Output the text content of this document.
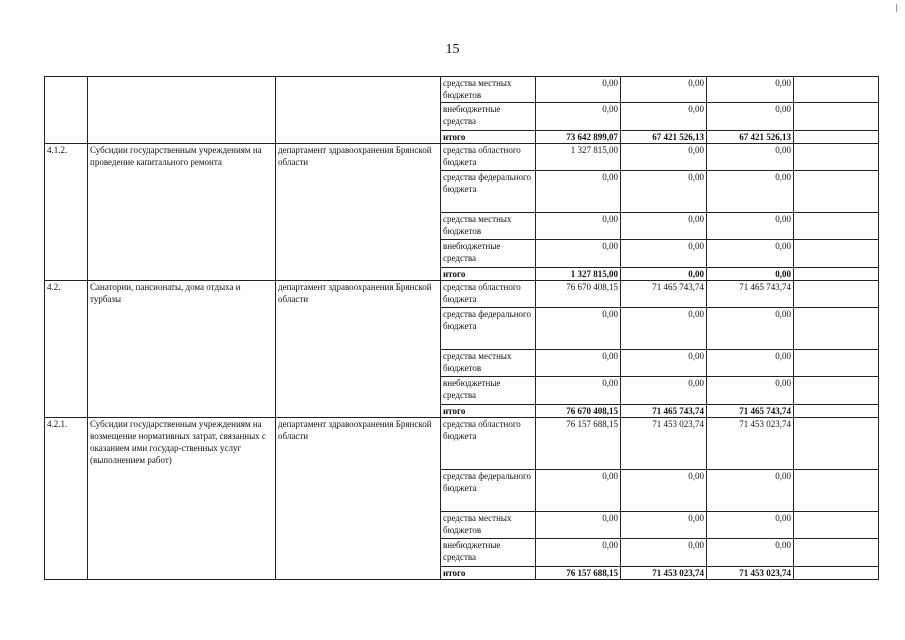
15
			средства местных бюджетов	0,00	0,00	0,00	
			внебюджетные средства	0,00	0,00	0,00	
			итого	73 642 899,07	67 421 526,13	67 421 526,13	
4.1.2.	Субсидии государственным учреждениям на проведение капитального ремонта	департамент здравоохранения Брянской области	средства областного бюджета	1 327 815,00	0,00	0,00	
			средства федерального бюджета	0,00	0,00	0,00	
			средства местных бюджетов	0,00	0,00	0,00	
			внебюджетные средства	0,00	0,00	0,00	
			итого	1 327 815,00	0,00	0,00	
4.2.	Санатории, пансионаты, дома отдыха и турбазы	департамент здравоохранения Брянской области	средства областного бюджета	76 670 408,15	71 465 743,74	71 465 743,74	
			средства федерального бюджета	0,00	0,00	0,00	
			средства местных бюджетов	0,00	0,00	0,00	
			внебюджетные средства	0,00	0,00	0,00	
			итого	76 670 408,15	71 465 743,74	71 465 743,74	
4.2.1.	Субсидии государственным учреждениям на возмещение нормативных затрат, связанных с оказанием ими государ-ственных услуг (выполнением работ)	департамент здравоохранения Брянской области	средства областного бюджета	76 157 688,15	71 453 023,74	71 453 023,74	
			средства федерального бюджета	0,00	0,00	0,00	
			средства местных бюджетов	0,00	0,00	0,00	
			внебюджетные средства	0,00	0,00	0,00	
			итого	76 157 688,15	71 453 023,74	71 453 023,74	
